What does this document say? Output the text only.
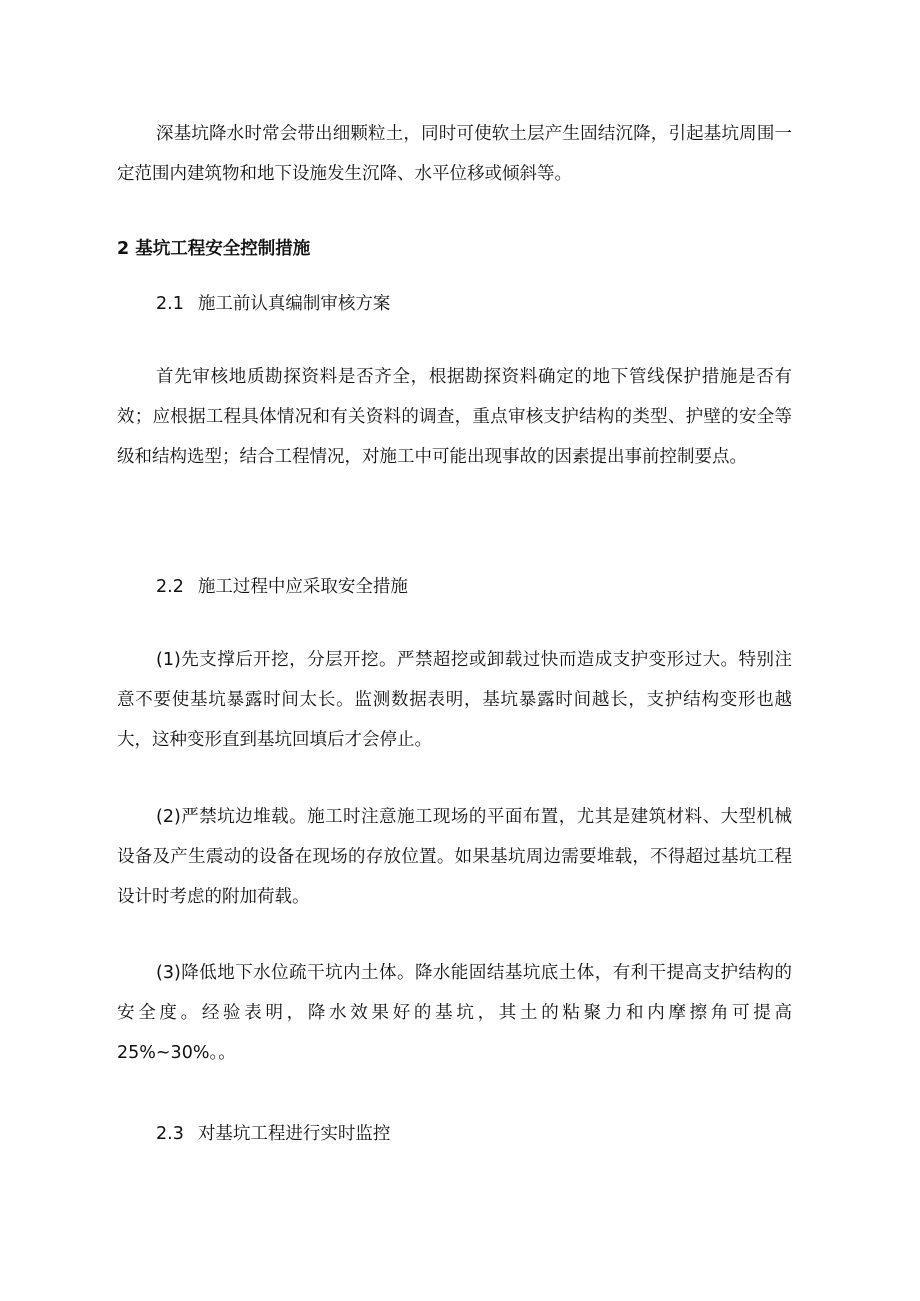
深基坑降水时常会带出细颗粒土，同时可使软土层产生固结沉降，引起基坑周围一定范围内建筑物和地下设施发生沉降、水平位移或倾斜等。

2 基坑工程安全控制措施

2.1 施工前认真编制审核方案

首先审核地质勘探资料是否齐全，根据勘探资料确定的地下管线保护措施是否有效；应根据工程具体情况和有关资料的调查，重点审核支护结构的类型、护壁的安全等级和结构选型；结合工程情况，对施工中可能出现事故的因素提出事前控制要点。

2.2 施工过程中应采取安全措施

(1)先支撑后开挖，分层开挖。严禁超挖或卸载过快而造成支护变形过大。特别注意不要使基坑暴露时间太长。监测数据表明，基坑暴露时间越长，支护结构变形也越大，这种变形直到基坑回填后才会停止。

(2)严禁坑边堆载。施工时注意施工现场的平面布置，尤其是建筑材料、大型机械设备及产生震动的设备在现场的存放位置。如果基坑周边需要堆载，不得超过基坑工程设计时考虑的附加荷载。

(3)降低地下水位疏干坑内土体。降水能固结基坑底土体，有利干提高支护结构的安全度。经验表明，降水效果好的基坑，其土的粘聚力和内摩擦角可提高25%~30%。。

2.3 对基坑工程进行实时监控
